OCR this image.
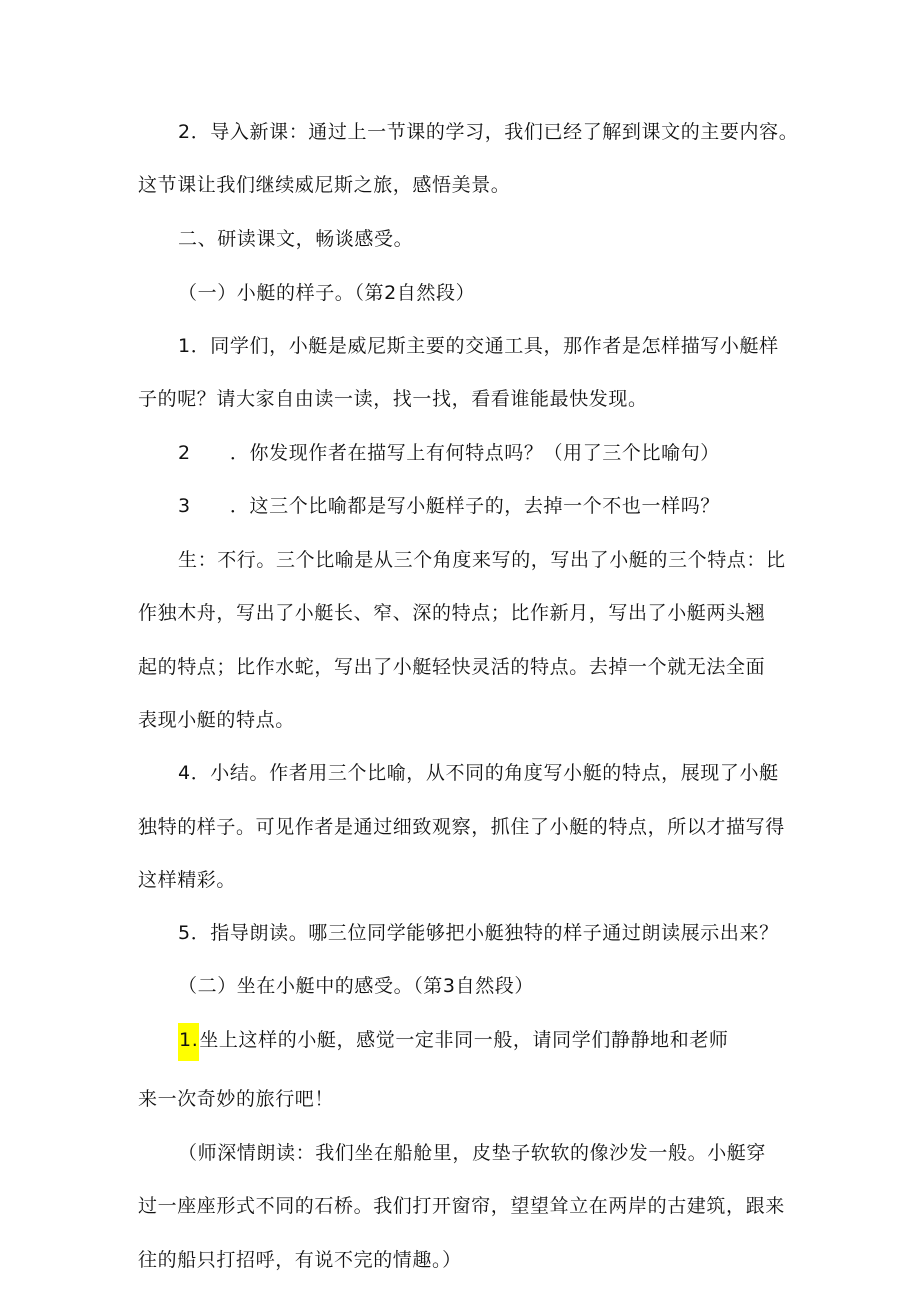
2．导入新课：通过上一节课的学习，我们已经了解到课文的主要内容。
这节课让我们继续威尼斯之旅，感悟美景。
二、研读课文，畅谈感受。
（一）小艇的样子。（第2自然段）
1．同学们，小艇是威尼斯主要的交通工具，那作者是怎样描写小艇样
子的呢？请大家自由读一读，找一找，看看谁能最快发现。
2　　．你发现作者在描写上有何特点吗？（用了三个比喻句）
3　　．这三个比喻都是写小艇样子的，去掉一个不也一样吗？
生：不行。三个比喻是从三个角度来写的，写出了小艇的三个特点：比
作独木舟，写出了小艇长、窄、深的特点；比作新月，写出了小艇两头翘
起的特点；比作水蛇，写出了小艇轻快灵活的特点。去掉一个就无法全面
表现小艇的特点。
4．小结。作者用三个比喻，从不同的角度写小艇的特点，展现了小艇
独特的样子。可见作者是通过细致观察，抓住了小艇的特点，所以才描写得
这样精彩。
5．指导朗读。哪三位同学能够把小艇独特的样子通过朗读展示出来？
（二）坐在小艇中的感受。（第3自然段）
1.坐上这样的小艇，感觉一定非同一般，请同学们静静地和老师
来一次奇妙的旅行吧！
（师深情朗读：我们坐在船舱里，皮垫子软软的像沙发一般。小艇穿
过一座座形式不同的石桥。我们打开窗帘，望望耸立在两岸的古建筑，跟来
往的船只打招呼，有说不完的情趣。）
